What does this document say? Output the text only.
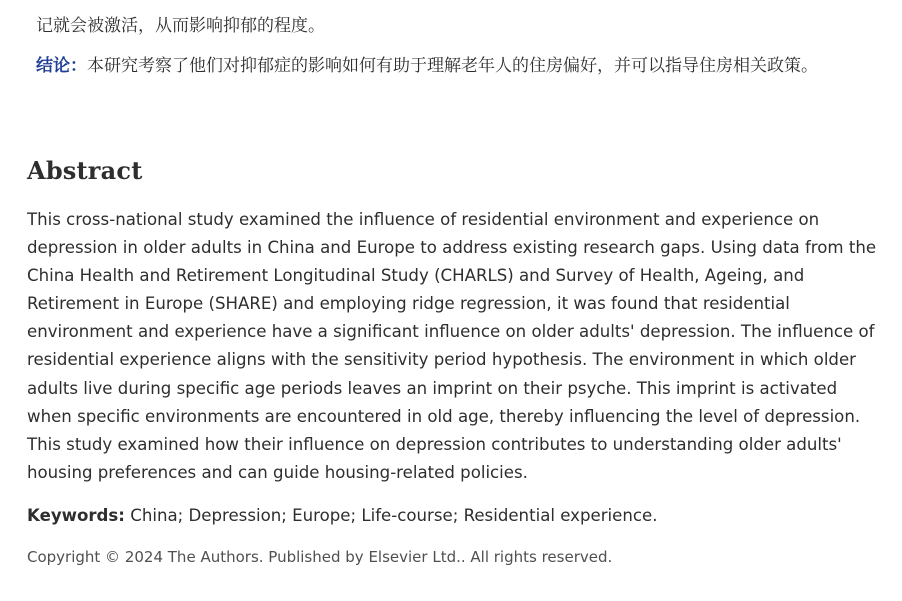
记就会被激活，从而影响抑郁的程度。

结论：本研究考察了他们对抑郁症的影响如何有助于理解老年人的住房偏好，并可以指导住房相关政策。

Abstract

This cross-national study examined the influence of residential environment and experience on depression in older adults in China and Europe to address existing research gaps. Using data from the China Health and Retirement Longitudinal Study (CHARLS) and Survey of Health, Ageing, and Retirement in Europe (SHARE) and employing ridge regression, it was found that residential environment and experience have a significant influence on older adults' depression. The influence of residential experience aligns with the sensitivity period hypothesis. The environment in which older adults live during specific age periods leaves an imprint on their psyche. This imprint is activated when specific environments are encountered in old age, thereby influencing the level of depression. This study examined how their influence on depression contributes to understanding older adults' housing preferences and can guide housing-related policies.

Keywords: China; Depression; Europe; Life-course; Residential experience.

Copyright © 2024 The Authors. Published by Elsevier Ltd.. All rights reserved.
